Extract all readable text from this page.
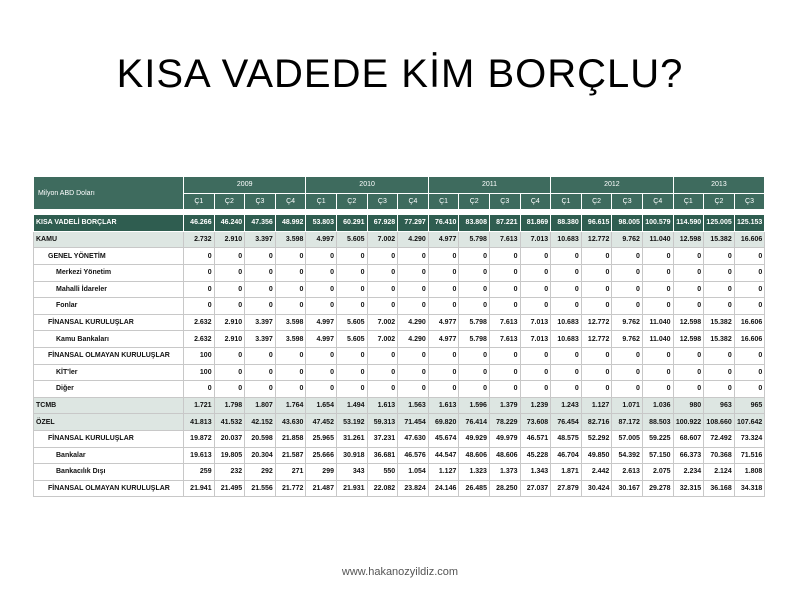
KISA VADEDE KİM BORÇLU?
Milyon ABD Doları	2009				2010				2011				2012				2013		
	Ç1	Ç2	Ç3	Ç4	Ç1	Ç2	Ç3	Ç4	Ç1	Ç2	Ç3	Ç4	Ç1	Ç2	Ç3	Ç4	Ç1	Ç2	Ç3

KISA VADELİ BORÇLAR	46.266	46.240	47.356	48.992	53.803	60.291	67.928	77.297	76.410	83.808	87.221	81.869	88.380	96.615	98.005	100.579	114.590	125.005	125.153
KAMU	2.732	2.910	3.397	3.598	4.997	5.605	7.002	4.290	4.977	5.798	7.613	7.013	10.683	12.772	9.762	11.040	12.598	15.382	16.606
GENEL YÖNETİM	0	0	0	0	0	0	0	0	0	0	0	0	0	0	0	0	0	0	0
Merkezi Yönetim	0	0	0	0	0	0	0	0	0	0	0	0	0	0	0	0	0	0	0
Mahalli İdareler	0	0	0	0	0	0	0	0	0	0	0	0	0	0	0	0	0	0	0
Fonlar	0	0	0	0	0	0	0	0	0	0	0	0	0	0	0	0	0	0	0
FİNANSAL KURULUŞLAR	2.632	2.910	3.397	3.598	4.997	5.605	7.002	4.290	4.977	5.798	7.613	7.013	10.683	12.772	9.762	11.040	12.598	15.382	16.606
Kamu Bankaları	2.632	2.910	3.397	3.598	4.997	5.605	7.002	4.290	4.977	5.798	7.613	7.013	10.683	12.772	9.762	11.040	12.598	15.382	16.606
FİNANSAL OLMAYAN KURULUŞLAR	100	0	0	0	0	0	0	0	0	0	0	0	0	0	0	0	0	0	0
KİT'ler	100	0	0	0	0	0	0	0	0	0	0	0	0	0	0	0	0	0	0
Diğer	0	0	0	0	0	0	0	0	0	0	0	0	0	0	0	0	0	0	0
TCMB	1.721	1.798	1.807	1.764	1.654	1.494	1.613	1.563	1.613	1.596	1.379	1.239	1.243	1.127	1.071	1.036	980	963	965
ÖZEL	41.813	41.532	42.152	43.630	47.452	53.192	59.313	71.454	69.820	76.414	78.229	73.608	76.454	82.716	87.172	88.503	100.922	108.660	107.642
FİNANSAL KURULUŞLAR	19.872	20.037	20.598	21.858	25.965	31.261	37.231	47.630	45.674	49.929	49.979	46.571	48.575	52.292	57.005	59.225	68.607	72.492	73.324
Bankalar	19.613	19.805	20.304	21.587	25.666	30.918	36.681	46.576	44.547	48.606	48.606	45.228	46.704	49.850	54.392	57.150	66.373	70.368	71.516
Bankacılık Dışı	259	232	292	271	299	343	550	1.054	1.127	1.323	1.373	1.343	1.871	2.442	2.613	2.075	2.234	2.124	1.808
FİNANSAL OLMAYAN KURULUŞLAR	21.941	21.495	21.556	21.772	21.487	21.931	22.082	23.824	24.146	26.485	28.250	27.037	27.879	30.424	30.167	29.278	32.315	36.168	34.318
www.hakanozyildiz.com
